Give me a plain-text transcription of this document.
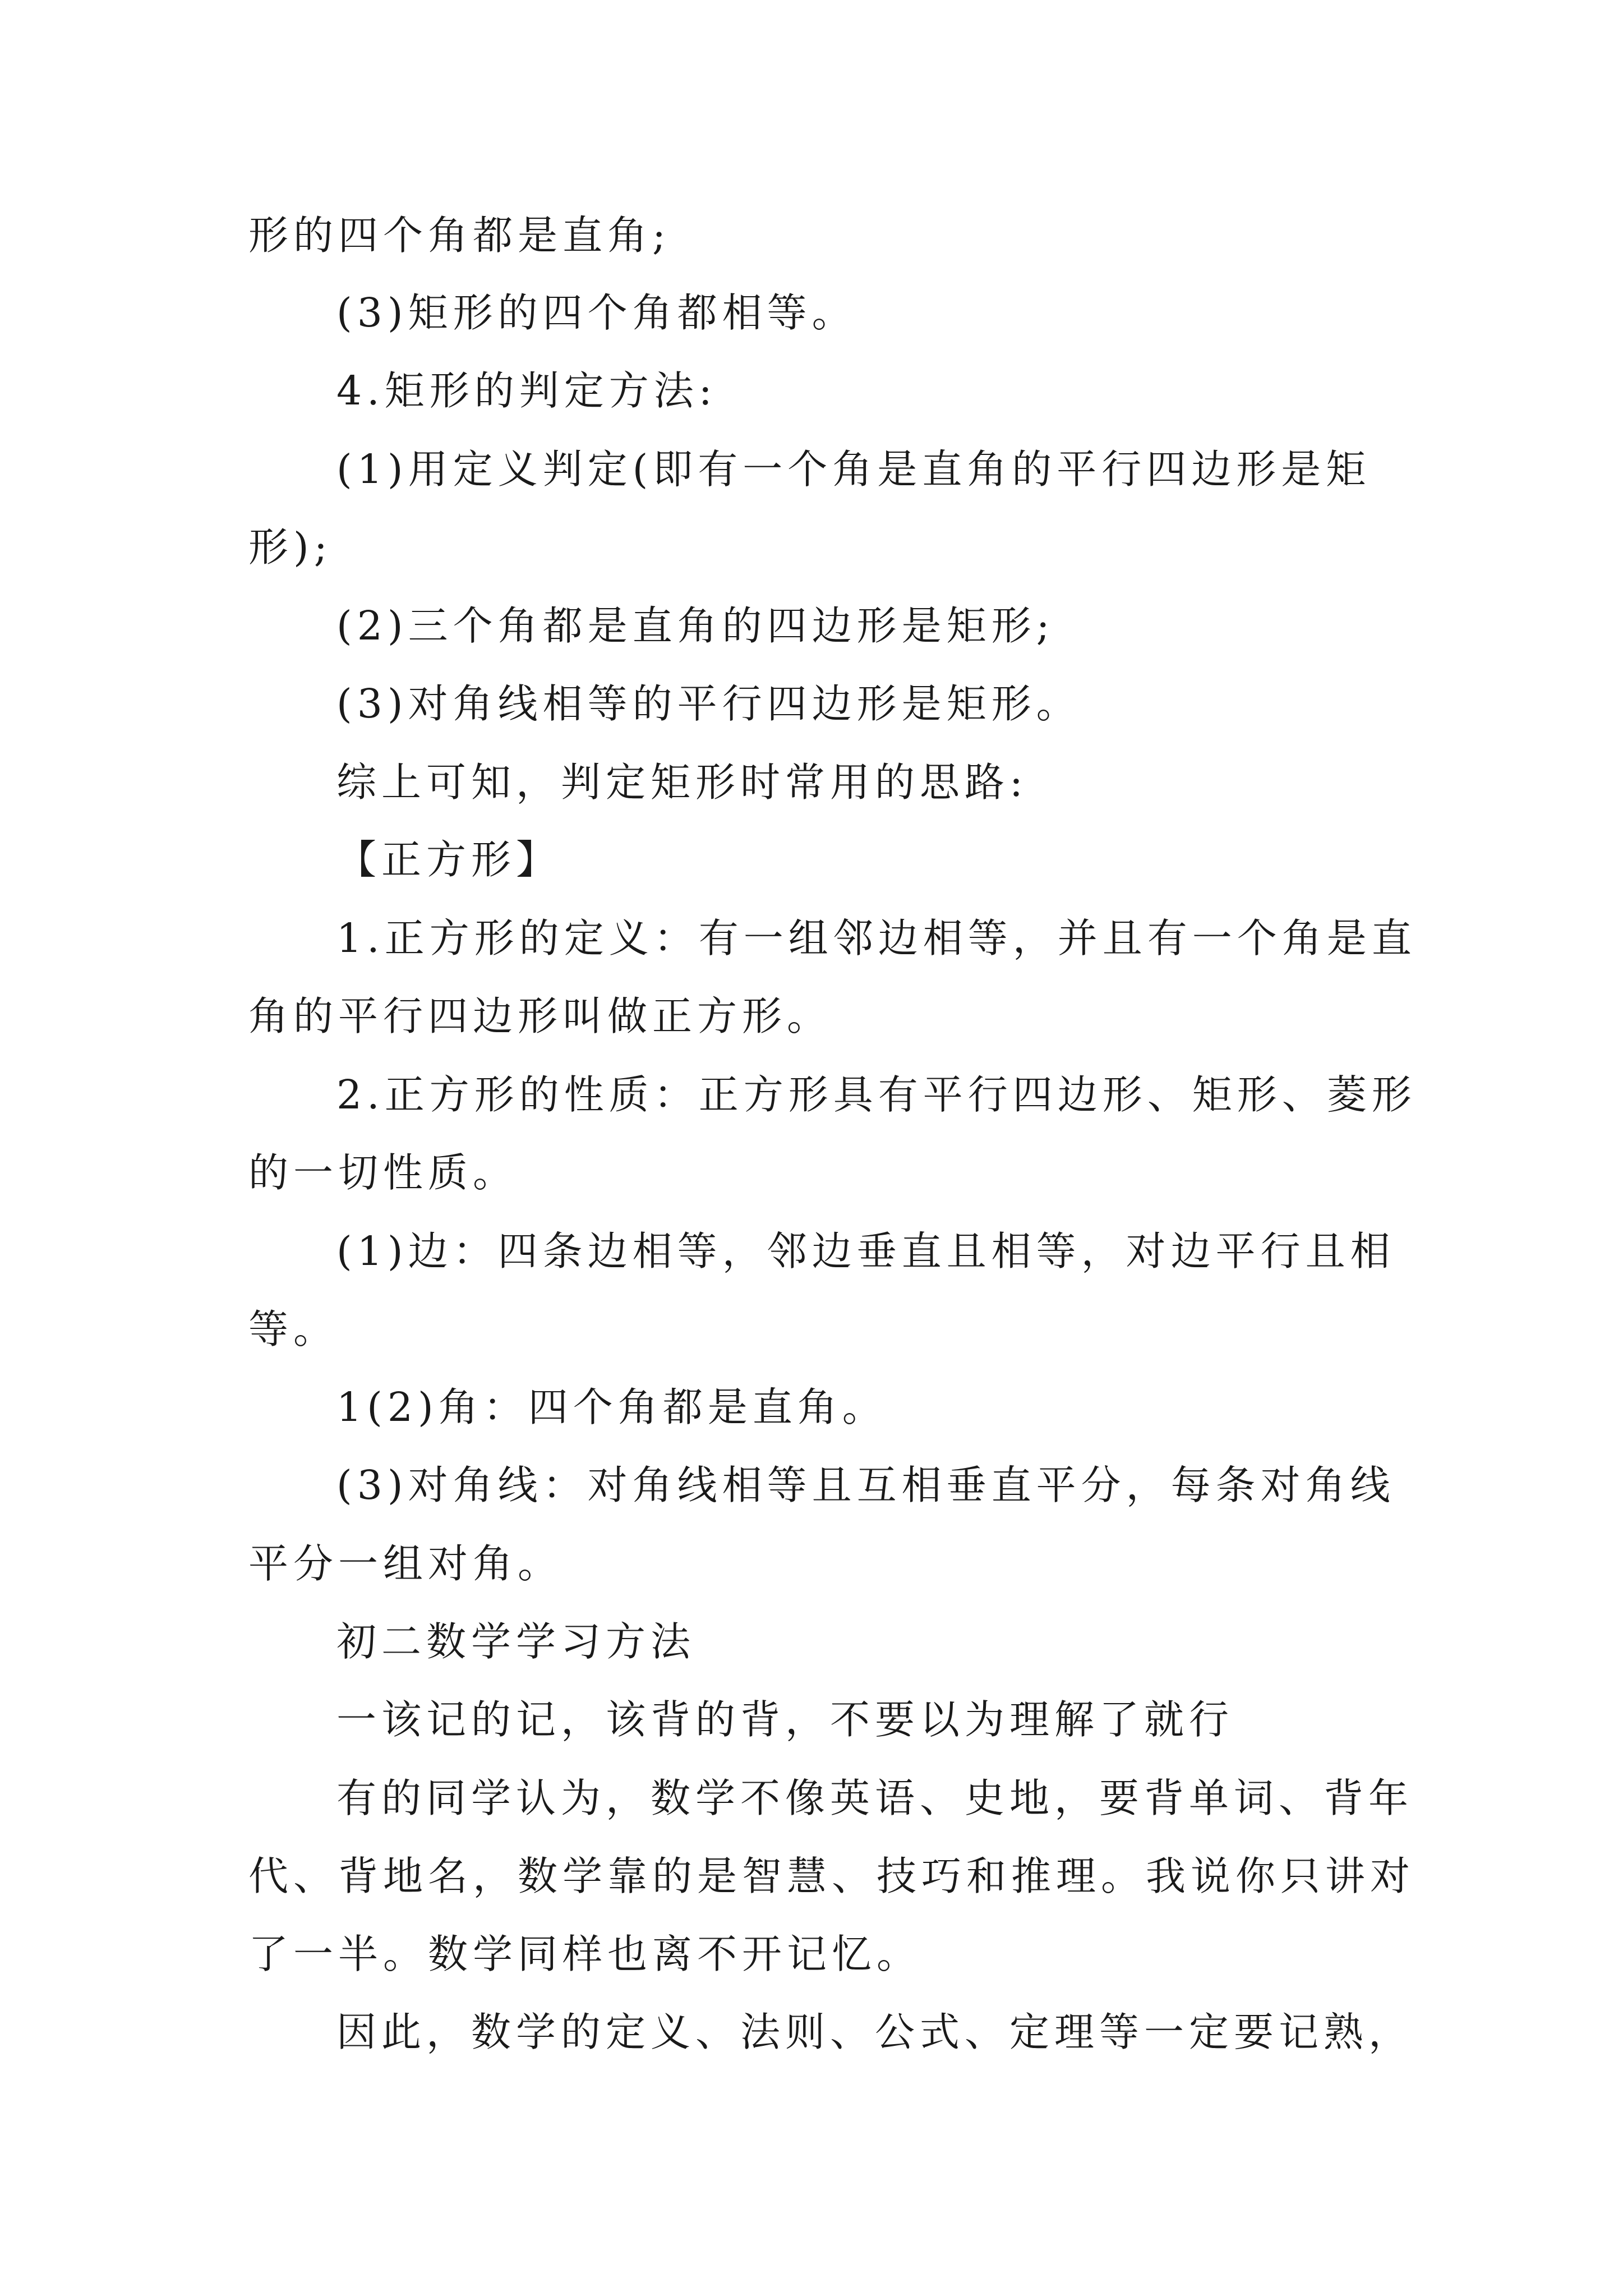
形的四个角都是直角;
(3)矩形的四个角都相等。
4.矩形的判定方法:
(1)用定义判定(即有一个角是直角的平行四边形是矩
形);
(2)三个角都是直角的四边形是矩形;
(3)对角线相等的平行四边形是矩形。
综上可知，判定矩形时常用的思路:
【正方形】
1.正方形的定义：有一组邻边相等，并且有一个角是直
角的平行四边形叫做正方形。
2.正方形的性质：正方形具有平行四边形、矩形、菱形
的一切性质。
(1)边：四条边相等，邻边垂直且相等，对边平行且相
等。
1(2)角：四个角都是直角。
(3)对角线：对角线相等且互相垂直平分，每条对角线
平分一组对角。
初二数学学习方法
一该记的记，该背的背，不要以为理解了就行
有的同学认为，数学不像英语、史地，要背单词、背年
代、背地名，数学靠的是智慧、技巧和推理。我说你只讲对
了一半。数学同样也离不开记忆。
因此，数学的定义、法则、公式、定理等一定要记熟，
